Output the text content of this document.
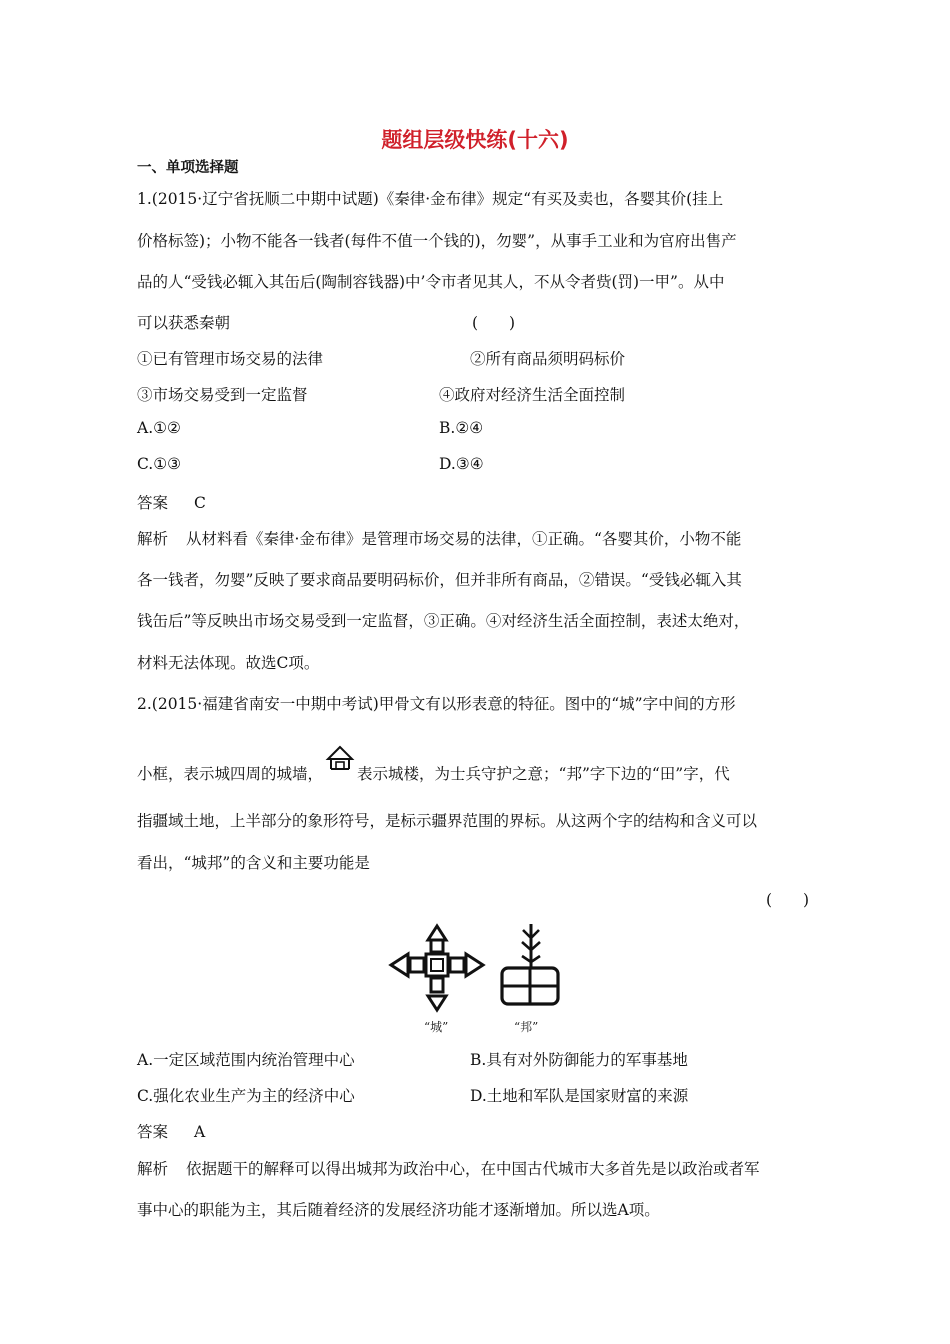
题组层级快练(十六)
一、单项选择题
1.(2015·辽宁省抚顺二中期中试题)《秦律·金布律》规定“有买及卖也，各婴其价(挂上
价格标签)；小物不能各一钱者(每件不值一个钱的)，勿婴”，从事手工业和为官府出售产
品的人“受钱必辄入其缶后(陶制容钱器)中’令市者见其人，不从令者赀(罚)一甲”。从中
可以获悉秦朝	(　　)
①已有管理市场交易的法律	②所有商品须明码标价
③市场交易受到一定监督	④政府对经济生活全面控制
A.①②	B.②④
C.①③	D.③④
答案 C
解析 从材料看《秦律·金布律》是管理市场交易的法律，①正确。“各婴其价，小物不能
各一钱者，勿婴”反映了要求商品要明码标价，但并非所有商品，②错误。“受钱必辄入其
钱缶后”等反映出市场交易受到一定监督，③正确。④对经济生活全面控制，表述太绝对，
材料无法体现。故选C项。
2.(2015·福建省南安一中期中考试)甲骨文有以形表意的特征。图中的“城”字中间的方形
小框，表示城四周的城墙， 表示城楼，为士兵守护之意；“邦”字下边的“田”字，代
指疆域土地，上半部分的象形符号，是标示疆界范围的界标。从这两个字的结构和含义可以
看出，“城邦”的含义和主要功能是
(　　)
“城”	“邦”
A.一定区域范围内统治管理中心	B.具有对外防御能力的军事基地
C.强化农业生产为主的经济中心	D.土地和军队是国家财富的来源
答案 A
解析 依据题干的解释可以得出城邦为政治中心，在中国古代城市大多首先是以政治或者军
事中心的职能为主，其后随着经济的发展经济功能才逐渐增加。所以选A项。
